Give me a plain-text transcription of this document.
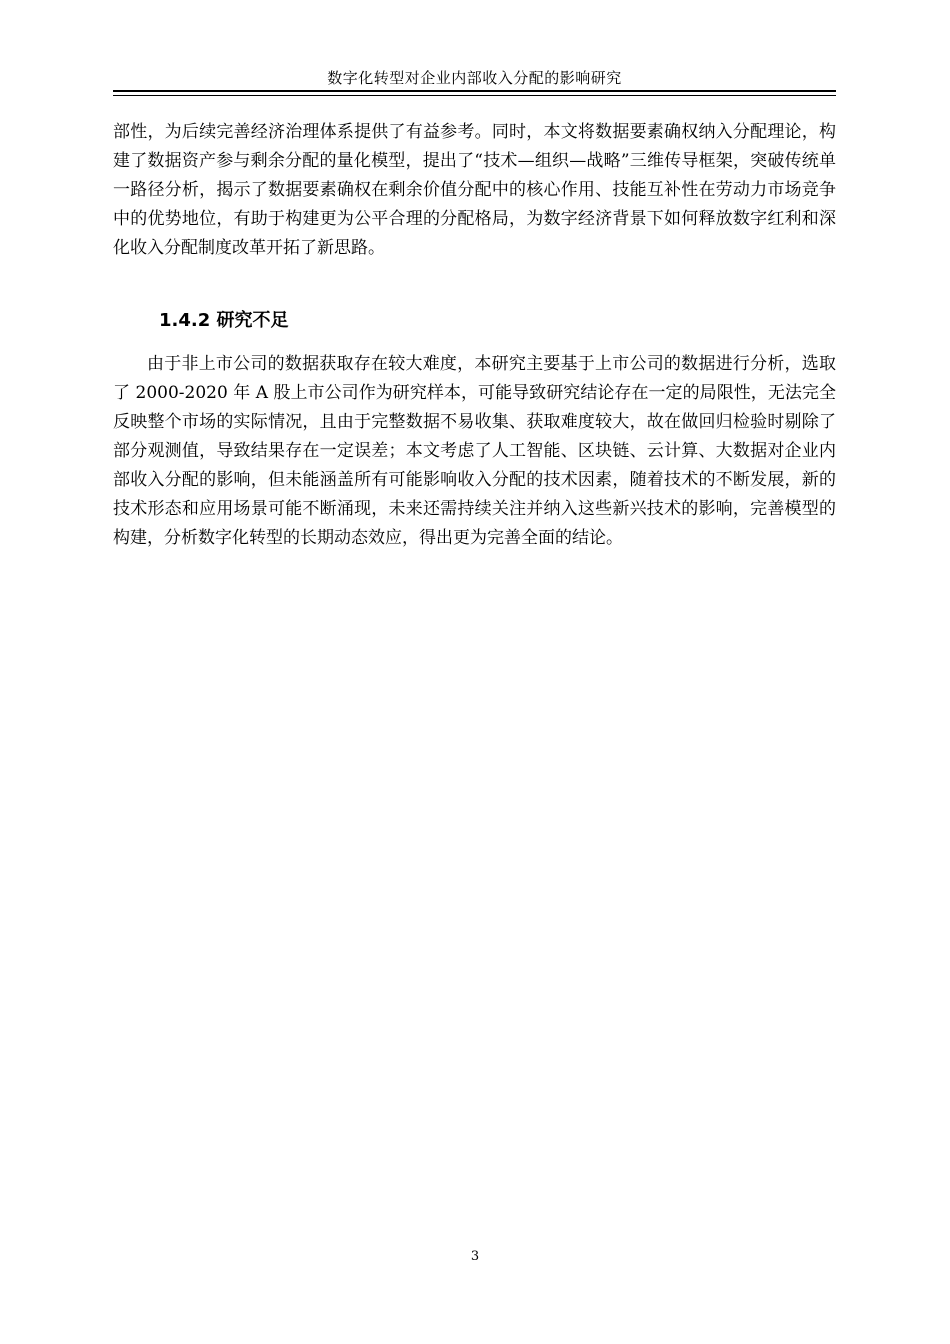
数字化转型对企业内部收入分配的影响研究

部性，为后续完善经济治理体系提供了有益参考。同时，本文将数据要素确权纳入分配理论，构建了数据资产参与剩余分配的量化模型，提出了“技术—组织—战略”三维传导框架，突破传统单一路径分析，揭示了数据要素确权在剩余价值分配中的核心作用、技能互补性在劳动力市场竞争中的优势地位，有助于构建更为公平合理的分配格局，为数字经济背景下如何释放数字红利和深化收入分配制度改革开拓了新思路。

1.4.2 研究不足

由于非上市公司的数据获取存在较大难度，本研究主要基于上市公司的数据进行分析，选取了 2000-2020 年 A 股上市公司作为研究样本，可能导致研究结论存在一定的局限性，无法完全反映整个市场的实际情况，且由于完整数据不易收集、获取难度较大，故在做回归检验时剔除了部分观测值，导致结果存在一定误差；本文考虑了人工智能、区块链、云计算、大数据对企业内部收入分配的影响，但未能涵盖所有可能影响收入分配的技术因素，随着技术的不断发展，新的技术形态和应用场景可能不断涌现，未来还需持续关注并纳入这些新兴技术的影响，完善模型的构建，分析数字化转型的长期动态效应，得出更为完善全面的结论。

3
